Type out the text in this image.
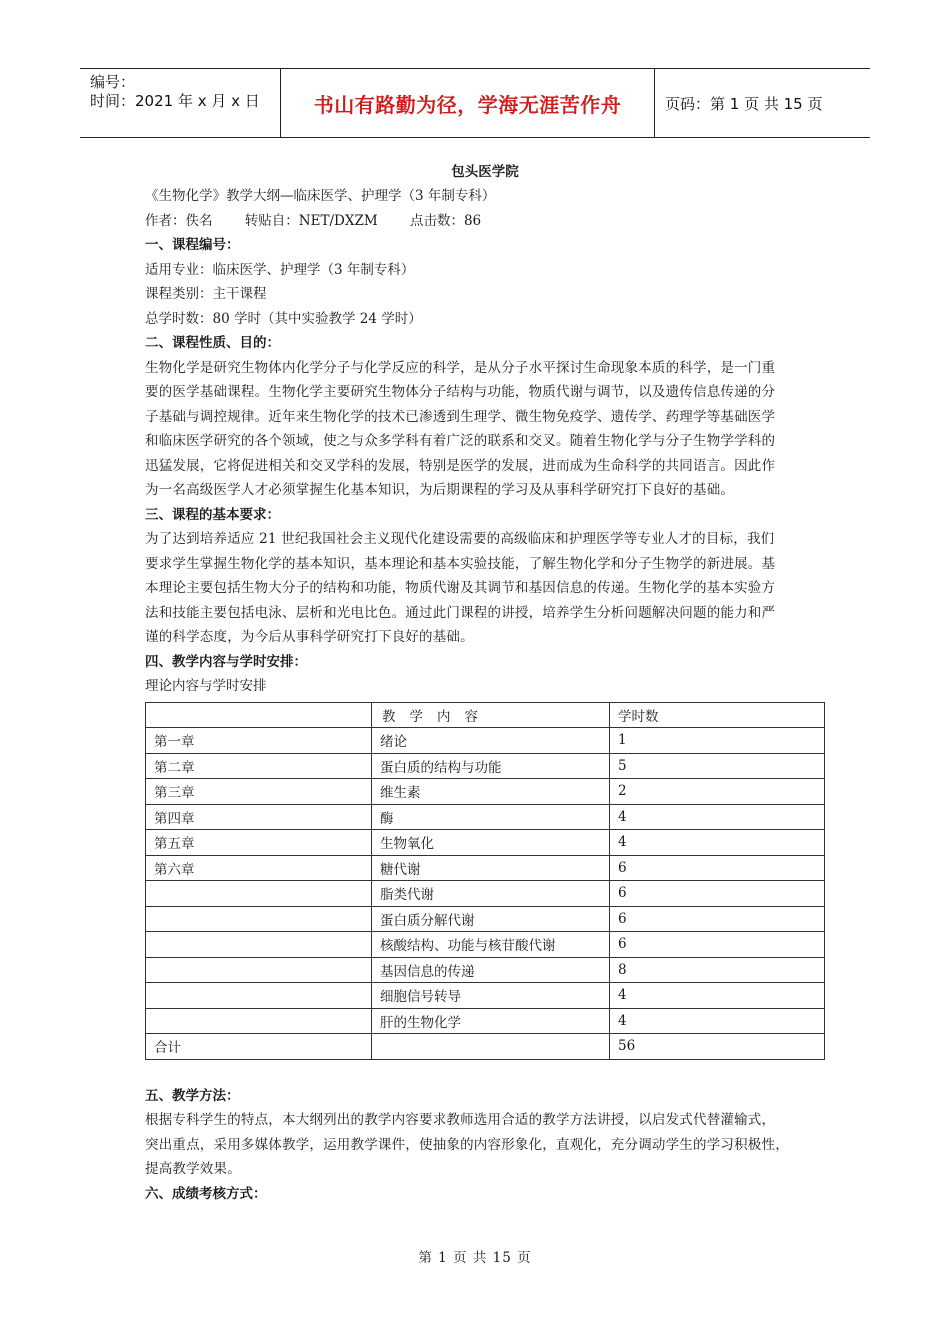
编号：
时间：2021 年 x 月 x 日	书山有路勤为径，学海无涯苦作舟	页码：第 1 页 共 15 页
包头医学院
《生物化学》教学大纲—临床医学、护理学（3 年制专科）
作者：佚名 转贴自：NET/DXZM 点击数：86
一、课程编号：
适用专业：临床医学、护理学（3 年制专科）
课程类别：主干课程
总学时数：80 学时（其中实验教学 24 学时）
二、课程性质、目的：
生物化学是研究生物体内化学分子与化学反应的科学，是从分子水平探讨生命现象本质的科学，是一门重
要的医学基础课程。生物化学主要研究生物体分子结构与功能，物质代谢与调节，以及遗传信息传递的分
子基础与调控规律。近年来生物化学的技术已渗透到生理学、微生物免疫学、遗传学、药理学等基础医学
和临床医学研究的各个领域，使之与众多学科有着广泛的联系和交叉。随着生物化学与分子生物学学科的
迅猛发展，它将促进相关和交叉学科的发展，特别是医学的发展，进而成为生命科学的共同语言。因此作
为一名高级医学人才必须掌握生化基本知识，为后期课程的学习及从事科学研究打下良好的基础。
三、课程的基本要求：
为了达到培养适应 21 世纪我国社会主义现代化建设需要的高级临床和护理医学等专业人才的目标，我们
要求学生掌握生物化学的基本知识，基本理论和基本实验技能，了解生物化学和分子生物学的新进展。基
本理论主要包括生物大分子的结构和功能，物质代谢及其调节和基因信息的传递。生物化学的基本实验方
法和技能主要包括电泳、层析和光电比色。通过此门课程的讲授，培养学生分析问题解决问题的能力和严
谨的科学态度，为今后从事科学研究打下良好的基础。
四、教学内容与学时安排：
理论内容与学时安排
	教学内容	学时数
第一章	绪论	1
第二章	蛋白质的结构与功能	5
第三章	维生素	2
第四章	酶	4
第五章	生物氧化	4
第六章	糖代谢	6
	脂类代谢	6
	蛋白质分解代谢	6
	核酸结构、功能与核苷酸代谢	6
	基因信息的传递	8
	细胞信号转导	4
	肝的生物化学	4
合计		56
五、教学方法：
根据专科学生的特点，本大纲列出的教学内容要求教师选用合适的教学方法讲授，以启发式代替灌输式，
突出重点，采用多媒体教学，运用教学课件，使抽象的内容形象化，直观化，充分调动学生的学习积极性，
提高教学效果。
六、成绩考核方式：
第 1 页 共 15 页
